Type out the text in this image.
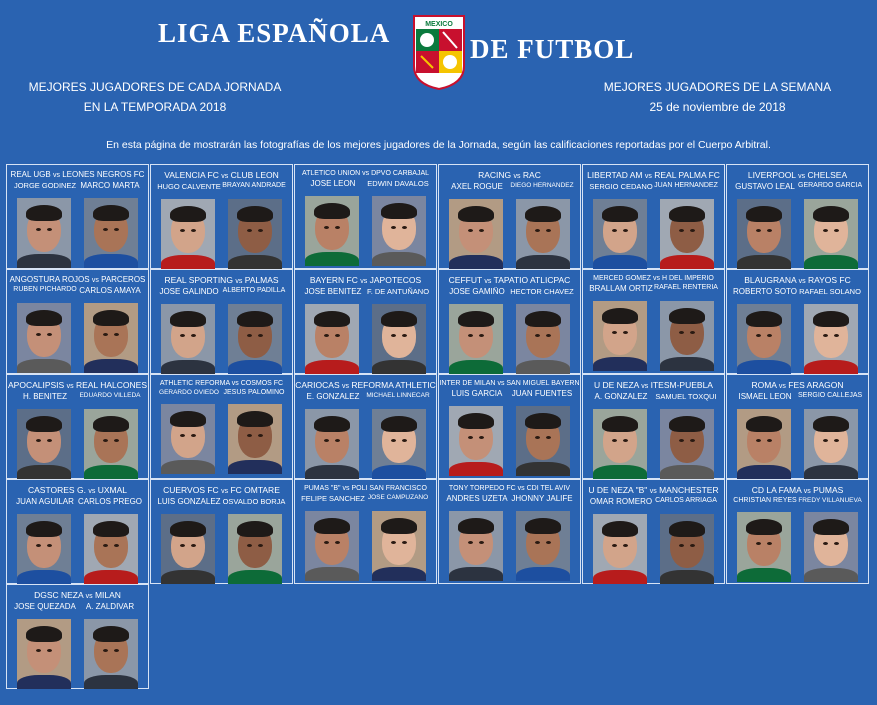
LIGA ESPAÑOLA	MEXICO
DE FUTBOL
MEJORES JUGADORES DE CADA JORNADA
EN LA TEMPORADA 2018
MEJORES JUGADORES DE LA SEMANA
25 de noviembre de 2018
En esta página de mostrarán las fotografías de los mejores jugadores de la Jornada, según las calificaciones reportadas por el Cuerpo Arbitral.
REAL UGB vs LEONES NEGROS FC
JORGE GODINEZ MARCO MARTA
VALENCIA FC vs CLUB LEON
HUGO CALVENTE BRAYAN ANDRADE
ATLETICO UNION vs DPVO CARBAJAL
JOSE LEON	EDWIN DAVALOS
RACING vs RAC
AXEL ROGUE	DIEGO HERNANDEZ
LIBERTAD AM vs REAL PALMA FC
SERGIO CEDANO JUAN HERNANDEZ
LIVERPOOL vs CHELSEA
GUSTAVO LEAL GERARDO GARCIA
ANGOSTURA ROJOS vs PARCEROS
RUBEN PICHARDO CARLOS AMAYA
REAL SPORTING vs PALMAS
JOSE GALINDO ALBERTO PADILLA
BAYERN FC vs JAPOTECOS
JOSE BENITEZ F. DE ANTUÑANO
CEFFUT vs TAPATIO ATLICPAC
JOSE GAMIÑO HECTOR CHAVEZ
MERCED GOMEZ vs H DEL IMPERIO
BRALLAM ORTIZ RAFAEL RENTERIA
BLAUGRANA vs RAYOS FC
ROBERTO SOTO RAFAEL SOLANO
APOCALIPSIS vs REAL HALCONES
H. BENITEZ	EDUARDO VILLEDA
ATHLETIC REFORMA vs COSMOS FC
GERARDO OVIEDO JESUS PALOMINO
CARIOCAS vs REFORMA ATHLETIC
E. GONZALEZ	MICHAEL LINNECAR
INTER DE MILAN vs SAN MIGUEL BAYERN
LUIS GARCIA	JUAN FUENTES
U DE NEZA vs ITESM-PUEBLA
A. GONZALEZ	SAMUEL TOXQUI
ROMA vs FES ARAGON
ISMAEL LEON SERGIO CALLEJAS
CASTORES G. vs UXMAL
JUAN AGUILAR CARLOS PREGO
CUERVOS FC vs FC OMTARE
LUIS GONZALEZ OSVALDO BORJA
PUMAS "B" vs POLI SAN FRANCISCO
FELIPE SANCHEZ JOSE CAMPUZANO
TONY TORPEDO FC vs CDI TEL AVIV
ANDRES UZETA JHONNY JALIFE
U DE NEZA "B" vs MANCHESTER
OMAR ROMERO CARLOS ARRIAGA
CD LA FAMA vs PUMAS
CHRISTIAN REYES FREDY VILLANUEVA
DGSC NEZA vs MILAN
JOSE QUEZADA	A. ZALDIVAR
